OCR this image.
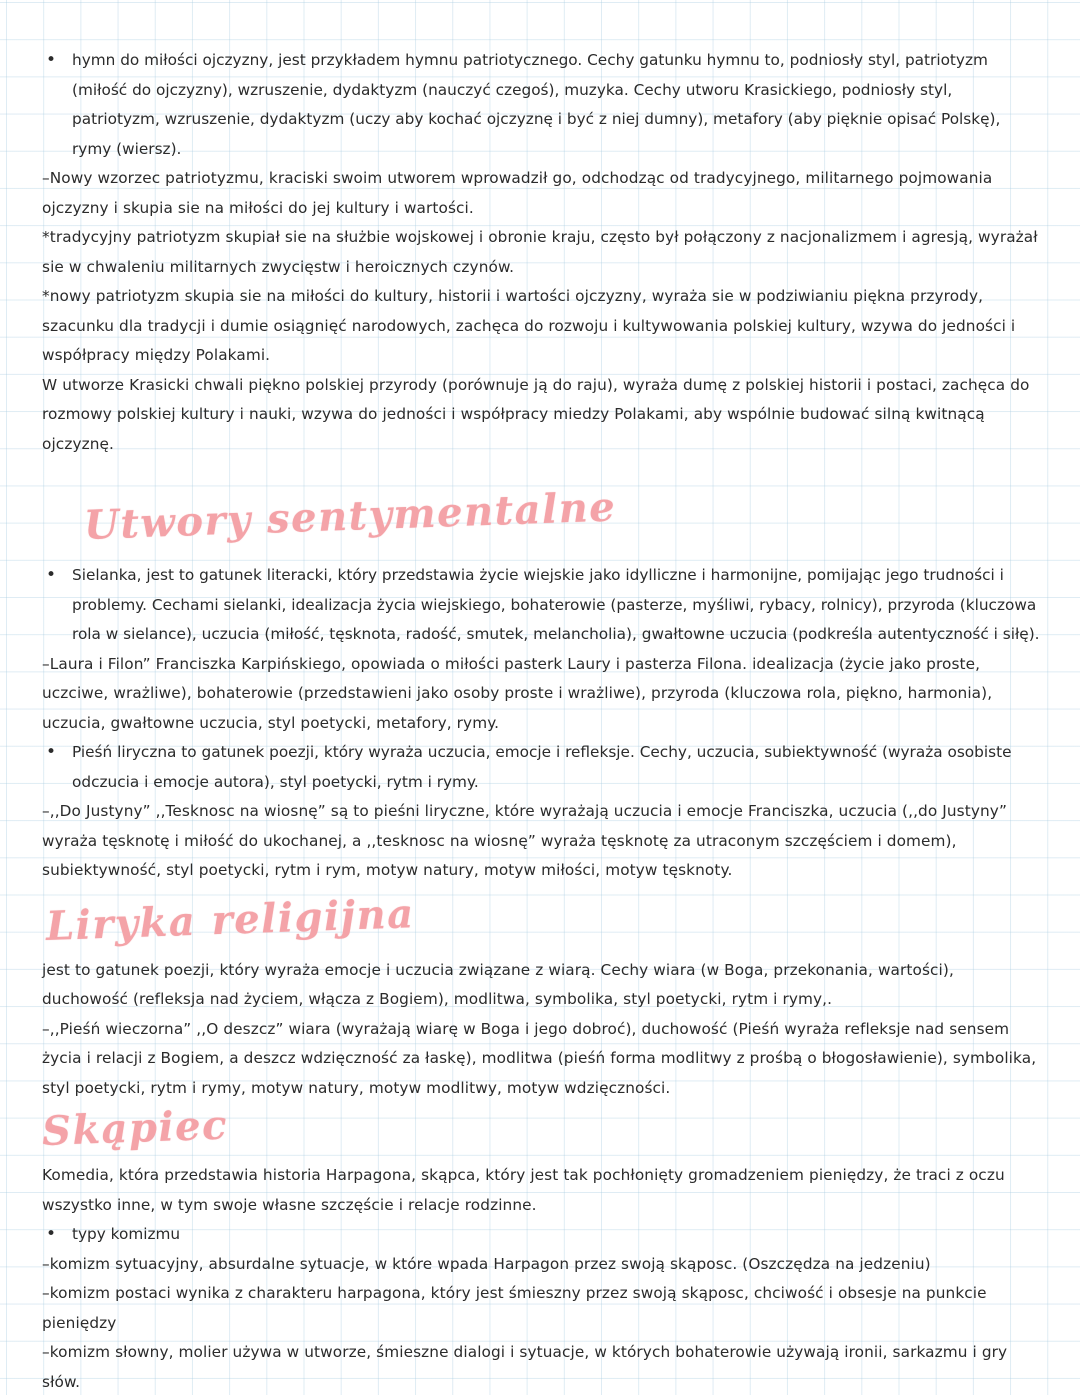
•	hymn do miłości ojczyzny, jest przykładem hymnu patriotycznego. Cechy gatunku hymnu to, podniosły styl, patriotyzm (miłość do ojczyzny), wzruszenie, dydaktyzm (nauczyć czegoś), muzyka. Cechy utworu Krasickiego, podniosły styl, patriotyzm, wzruszenie, dydaktyzm (uczy aby kochać ojczyznę i być z niej dumny), metafory (aby pięknie opisać Polskę), rymy (wiersz).

–Nowy wzorzec patriotyzmu, kraciski swoim utworem wprowadził go, odchodząc od tradycyjnego, militarnego pojmowania ojczyzny i skupia sie na miłości do jej kultury i wartości.

*tradycyjny patriotyzm skupiał sie na służbie wojskowej i obronie kraju, często był połączony z nacjonalizmem i agresją, wyrażał sie w chwaleniu militarnych zwycięstw i heroicznych czynów.

*nowy patriotyzm skupia sie na miłości do kultury, historii i wartości ojczyzny, wyraża sie w podziwianiu piękna przyrody, szacunku dla tradycji i dumie osiągnięć narodowych, zachęca do rozwoju i kultywowania polskiej kultury, wzywa do jedności i współpracy między Polakami.

W utworze Krasicki chwali piękno polskiej przyrody (porównuje ją do raju), wyraża dumę z polskiej historii i postaci, zachęca do rozmowy polskiej kultury i nauki, wzywa do jedności i współpracy miedzy Polakami, aby wspólnie budować silną kwitnącą ojczyznę.

Utwory sentymentalne
•	Sielanka, jest to gatunek literacki, który przedstawia życie wiejskie jako idylliczne i harmonijne, pomijając jego trudności i problemy. Cechami sielanki, idealizacja życia wiejskiego, bohaterowie (pasterze, myśliwi, rybacy, rolnicy), przyroda (kluczowa rola w sielance), uczucia (miłość, tęsknota, radość, smutek, melancholia), gwałtowne uczucia (podkreśla autentyczność i siłę).

–Laura i Filon” Franciszka Karpińskiego, opowiada o miłości pasterk Laury i pasterza Filona. idealizacja (życie jako proste, uczciwe, wrażliwe), bohaterowie (przedstawieni jako osoby proste i wrażliwe), przyroda (kluczowa rola, piękno, harmonia), uczucia, gwałtowne uczucia, styl poetycki, metafory, rymy.

•	Pieśń liryczna to gatunek poezji, który wyraża uczucia, emocje i refleksje. Cechy, uczucia, subiektywność (wyraża osobiste odczucia i emocje autora), styl poetycki, rytm i rymy.

–,,Do Justyny” ,,Tesknosc na wiosnę” są to pieśni liryczne, które wyrażają uczucia i emocje Franciszka, uczucia (,,do Justyny” wyraża tęsknotę i miłość do ukochanej, a ,,tesknosc na wiosnę” wyraża tęsknotę za utraconym szczęściem i domem), subiektywność, styl poetycki, rytm i rym, motyw natury, motyw miłości, motyw tęsknoty.

Liryka religijna

jest to gatunek poezji, który wyraża emocje i uczucia związane z wiarą. Cechy wiara (w Boga, przekonania, wartości), duchowość (refleksja nad życiem, włącza z Bogiem), modlitwa, symbolika, styl poetycki, rytm i rymy,.

–,,Pieśń wieczorna” ,,O deszcz” wiara (wyrażają wiarę w Boga i jego dobroć), duchowość (Pieśń wyraża refleksje nad sensem życia i relacji z Bogiem, a deszcz wdzięczność za łaskę), modlitwa (pieśń forma modlitwy z prośbą o błogosławienie), symbolika, styl poetycki, rytm i rymy, motyw natury, motyw modlitwy, motyw wdzięczności.

Skąpiec

Komedia, która przedstawia historia Harpagona, skąpca, który jest tak pochłonięty gromadzeniem pieniędzy, że traci z oczu wszystko inne, w tym swoje własne szczęście i relacje rodzinne.

•	typy komizmu

–komizm sytuacyjny, absurdalne sytuacje, w które wpada Harpagon przez swoją skąposc. (Oszczędza na jedzeniu)

–komizm postaci wynika z charakteru harpagona, który jest śmieszny przez swoją skąposc, chciwość i obsesje na punkcie pieniędzy

–komizm słowny, molier używa w utworze, śmieszne dialogi i sytuacje, w których bohaterowie używają ironii, sarkazmu i gry słów.
